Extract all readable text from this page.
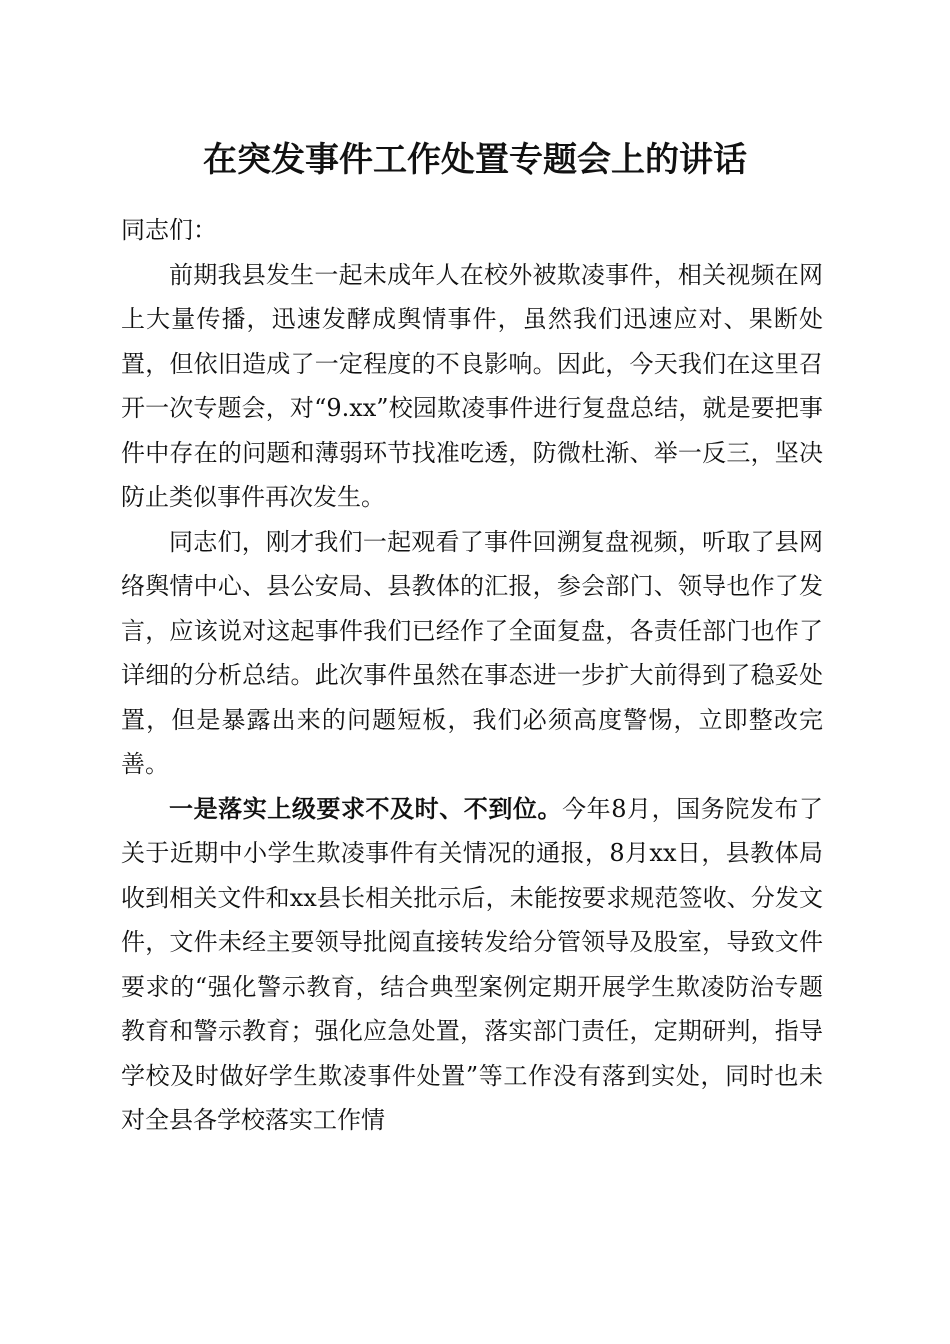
在突发事件工作处置专题会上的讲话

同志们：

前期我县发生一起未成年人在校外被欺凌事件，相关视频在网上大量传播，迅速发酵成舆情事件，虽然我们迅速应对、果断处置，但依旧造成了一定程度的不良影响。因此，今天我们在这里召开一次专题会，对“9.xx”校园欺凌事件进行复盘总结，就是要把事件中存在的问题和薄弱环节找准吃透，防微杜渐、举一反三，坚决防止类似事件再次发生。

同志们，刚才我们一起观看了事件回溯复盘视频，听取了县网络舆情中心、县公安局、县教体的汇报，参会部门、领导也作了发言，应该说对这起事件我们已经作了全面复盘，各责任部门也作了详细的分析总结。此次事件虽然在事态进一步扩大前得到了稳妥处置，但是暴露出来的问题短板，我们必须高度警惕，立即整改完善。

一是落实上级要求不及时、不到位。今年8月，国务院发布了关于近期中小学生欺凌事件有关情况的通报，8月xx日，县教体局收到相关文件和xx县长相关批示后，未能按要求规范签收、分发文件，文件未经主要领导批阅直接转发给分管领导及股室，导致文件要求的“强化警示教育，结合典型案例定期开展学生欺凌防治专题教育和警示教育；强化应急处置，落实部门责任，定期研判，指导学校及时做好学生欺凌事件处置”等工作没有落到实处，同时也未对全县各学校落实工作情
